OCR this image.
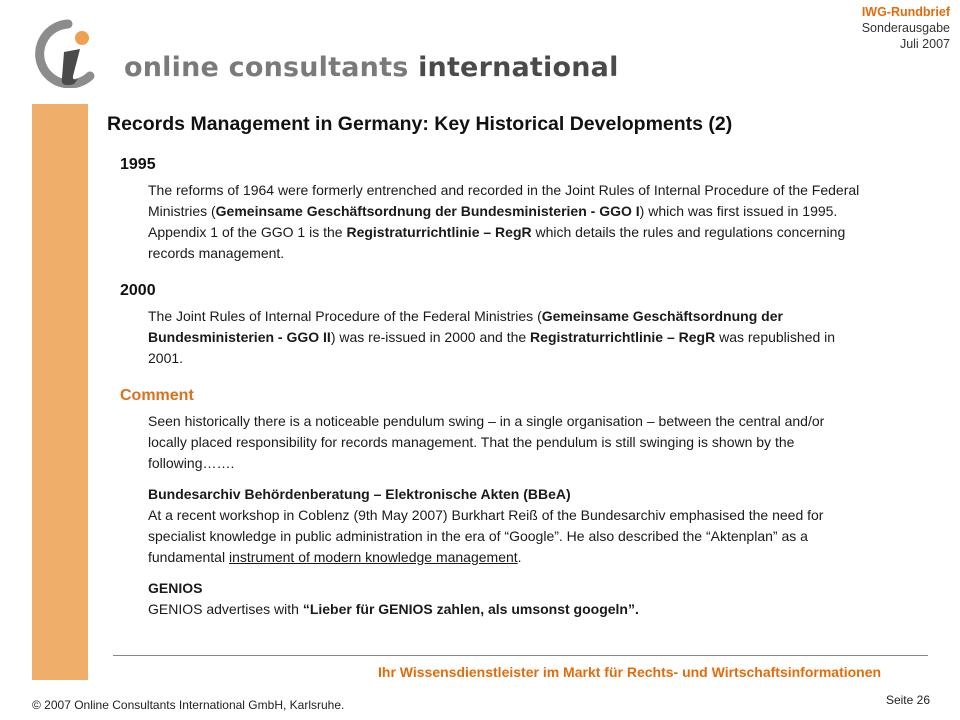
online consultants international
IWG-Rundbrief
Sonderausgabe
Juli 2007
Records Management in Germany: Key Historical Developments (2)
1995

The reforms of 1964 were formerly entrenched and recorded in the Joint Rules of Internal Procedure of the Federal Ministries (Gemeinsame Geschäftsordnung der Bundesministerien - GGO I) which was first issued in 1995. Appendix 1 of the GGO 1 is the Registraturrichtlinie – RegR which details the rules and regulations concerning records management.

2000

The Joint Rules of Internal Procedure of the Federal Ministries (Gemeinsame Geschäftsordnung der Bundesministerien - GGO II) was re-issued in 2000 and the Registraturrichtlinie – RegR was republished in 2001.

Comment

Seen historically there is a noticeable pendulum swing – in a single organisation – between the central and/or locally placed responsibility for records management. That the pendulum is still swinging is shown by the following…….

Bundesarchiv Behördenberatung – Elektronische Akten (BBeA)
At a recent workshop in Coblenz (9th May 2007) Burkhart Reiß of the Bundesarchiv emphasised the need for specialist knowledge in public administration in the era of “Google”. He also described the “Aktenplan” as a fundamental instrument of modern knowledge management.

GENIOS
GENIOS advertises with “Lieber für GENIOS zahlen, als umsonst googeln”.

Ihr Wissensdienstleister im Markt für Rechts- und Wirtschaftsinformationen
© 2007 Online Consultants International GmbH, Karlsruhe.	Seite 26
